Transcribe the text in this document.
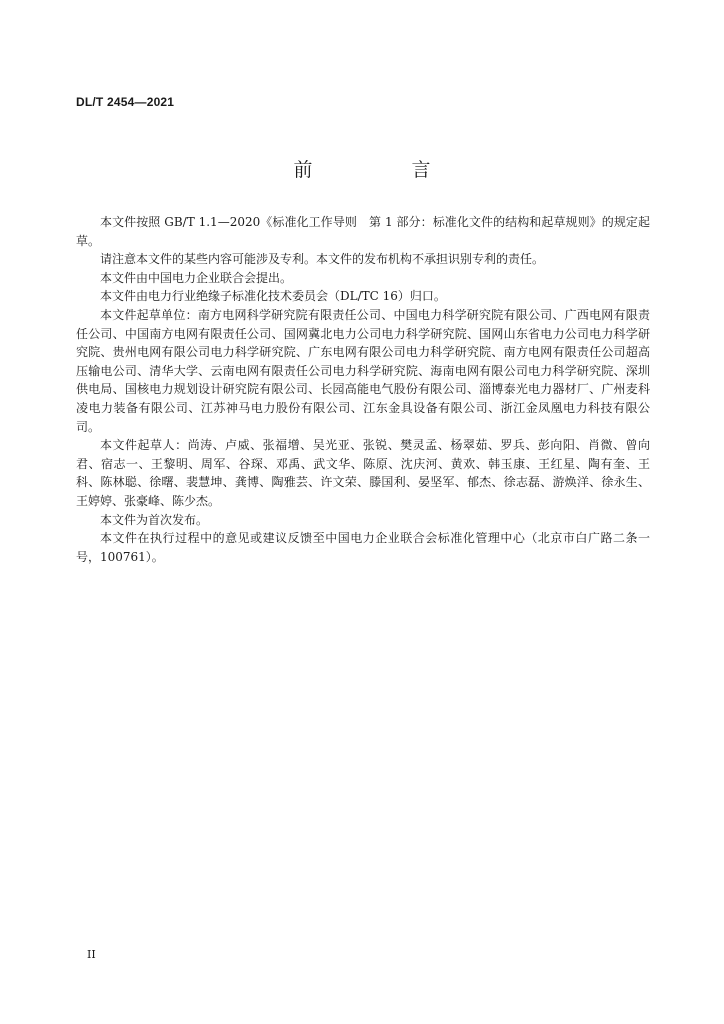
DL/T 2454—2021
前　言

本文件按照 GB/T 1.1—2020《标准化工作导则　第 1 部分：标准化文件的结构和起草规则》的规定起草。

请注意本文件的某些内容可能涉及专利。本文件的发布机构不承担识别专利的责任。

本文件由中国电力企业联合会提出。

本文件由电力行业绝缘子标准化技术委员会（DL/TC 16）归口。

本文件起草单位：南方电网科学研究院有限责任公司、中国电力科学研究院有限公司、广西电网有限责任公司、中国南方电网有限责任公司、国网冀北电力公司电力科学研究院、国网山东省电力公司电力科学研究院、贵州电网有限公司电力科学研究院、广东电网有限公司电力科学研究院、南方电网有限责任公司超高压输电公司、清华大学、云南电网有限责任公司电力科学研究院、海南电网有限公司电力科学研究院、深圳供电局、国核电力规划设计研究院有限公司、长园高能电气股份有限公司、淄博泰光电力器材厂、广州麦科凌电力装备有限公司、江苏神马电力股份有限公司、江东金具设备有限公司、浙江金凤凰电力科技有限公司。

本文件起草人：尚涛、卢威、张福增、吴光亚、张锐、樊灵孟、杨翠茹、罗兵、彭向阳、肖微、曾向君、宿志一、王黎明、周军、谷琛、邓禹、武文华、陈原、沈庆河、黄欢、韩玉康、王红星、陶有奎、王科、陈林聪、徐曙、裴慧坤、龚博、陶雅芸、许文荣、滕国利、晏坚军、郁杰、徐志磊、游焕洋、徐永生、王婷婷、张豪峰、陈少杰。

本文件为首次发布。

本文件在执行过程中的意见或建议反馈至中国电力企业联合会标准化管理中心（北京市白广路二条一号，100761）。

II
